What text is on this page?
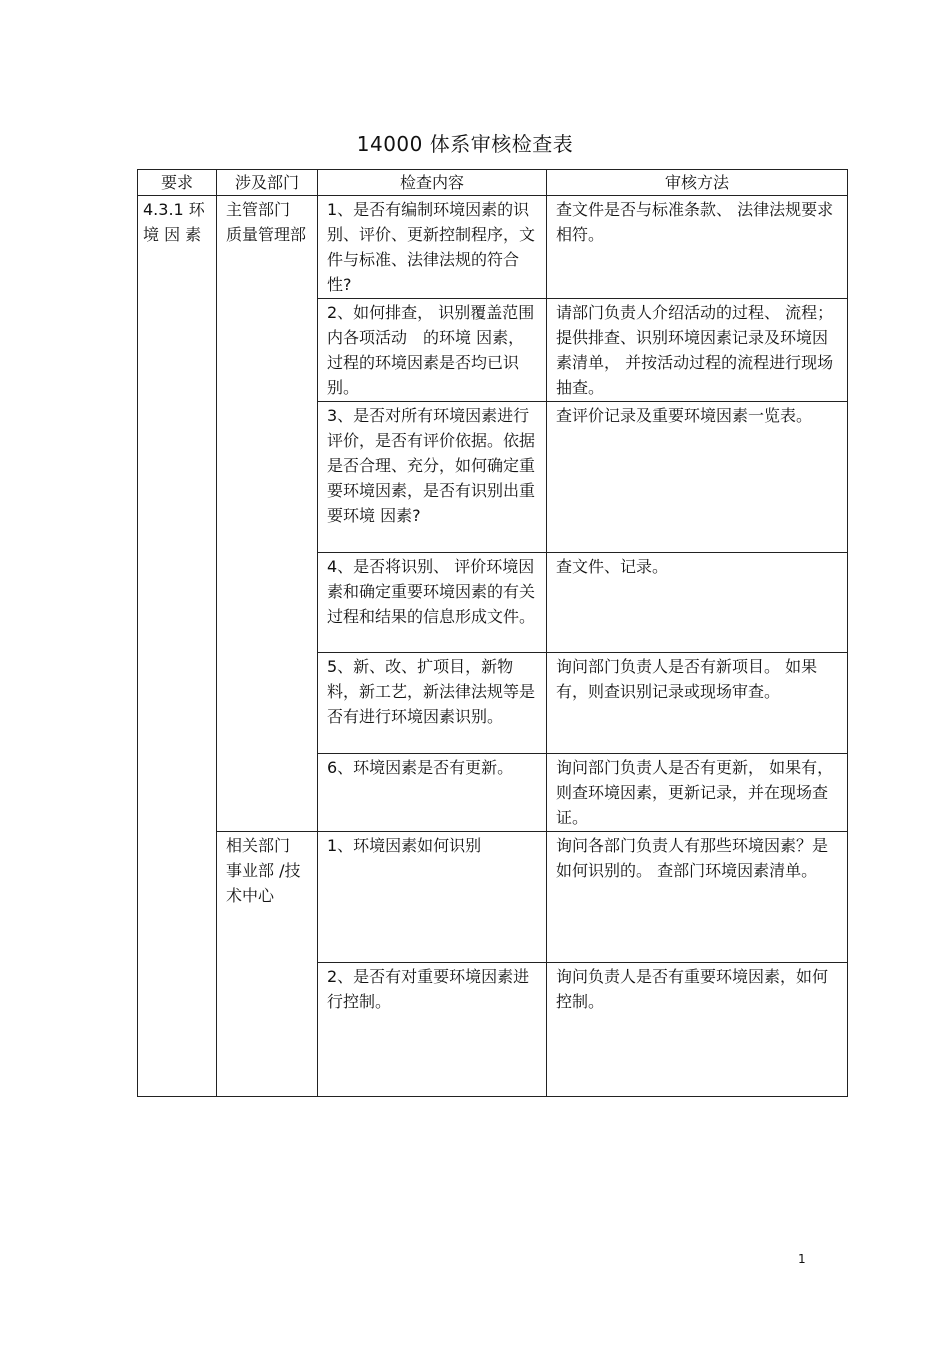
14000 体系审核检查表
要求	涉及部门	检查内容	审核方法
4.3.1 环 境 因 素	主管部门 质量管理部	1、是否有编制环境因素的识别、评价、更新控制程序，文件与标准、法律法规的符合性?	查文件是否与标准条款、 法律法规要求相符。
		2、如何排查， 识别覆盖范围内各项活动　的环境 因素，过程的环境因素是否均已识别。	请部门负责人介绍活动的过程、 流程；提供排查、识别环境因素记录及环境因素清单， 并按活动过程的流程进行现场抽查。
		3、是否对所有环境因素进行评价，是否有评价依据。依据是否合理、充分，如何确定重要环境因素，是否有识别出重　要环境 因素?	查评价记录及重要环境因素一览表。
		4、是否将识别、 评价环境因素和确定重要环境因素的有关过程和结果的信息形成文件。	查文件、记录。
		5、新、改、扩项目，新物料，新工艺，新法律法规等是否有进行环境因素识别。	询问部门负责人是否有新项目。 如果有，则查识别记录或现场审查。
		6、环境因素是否有更新。	询问部门负责人是否有更新， 如果有，则查环境因素，更新记录，并在现场查证。
	相关部门 事业部 /技术中心	1、环境因素如何识别	询问各部门负责人有那些环境因素？是如何识别的。 查部门环境因素清单。
		2、是否有对重要环境因素进行控制。	询问负责人是否有重要环境因素，如何控制。
1
